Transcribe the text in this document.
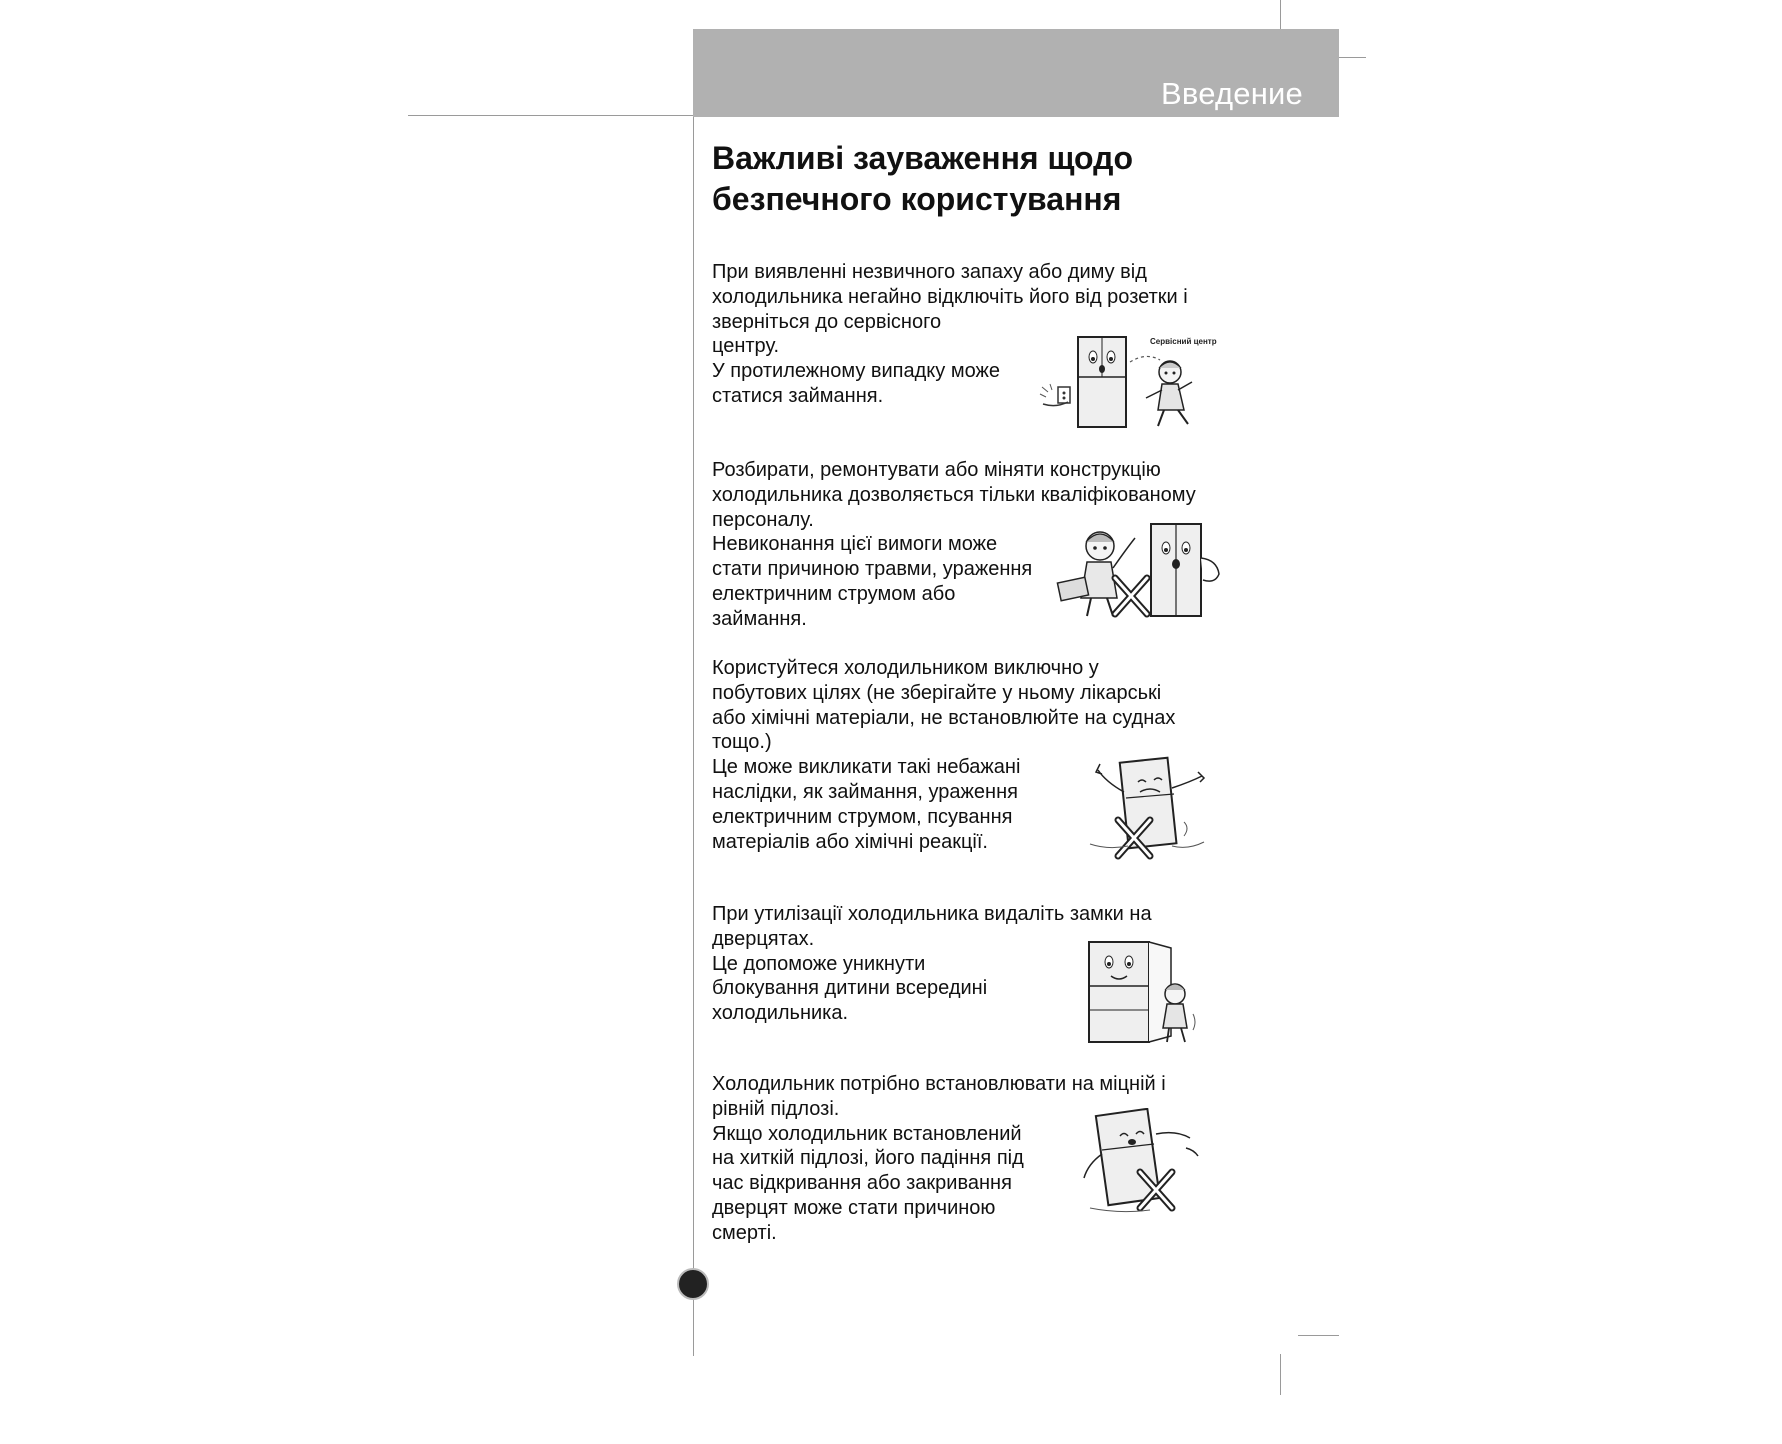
Введение
Важливі зауваження щодо
безпечного користування
При виявленні незвичного запаху або диму від
холодильника негайно відключіть його від розетки і
зверніться до сервісного
центру.
У протилежному випадку може
статися займання.
Сервісний центр
Розбирати, ремонтувати або міняти конструкцію
холодильника дозволяється тільки кваліфікованому
персоналу.
Невиконання цієї вимоги може
стати причиною травми, ураження
електричним струмом або
займання.
Користуйтеся холодильником виключно у
побутових цілях (не зберігайте у ньому лікарські
або хімічні матеріали, не встановлюйте на суднах
тощо.)
Це може викликати такі небажані
наслідки, як займання, ураження
електричним струмом, псування
матеріалів або хімічні реакції.
При утилізації холодильника видаліть замки на
дверцятах.
Це допоможе уникнути
блокування дитини всередині
холодильника.
Холодильник потрібно встановлювати на міцній і
рівній підлозі.
Якщо холодильник встановлений
на хиткій підлозі, його падіння під
час відкривання або закривання
дверцят може стати причиною
смерті.
